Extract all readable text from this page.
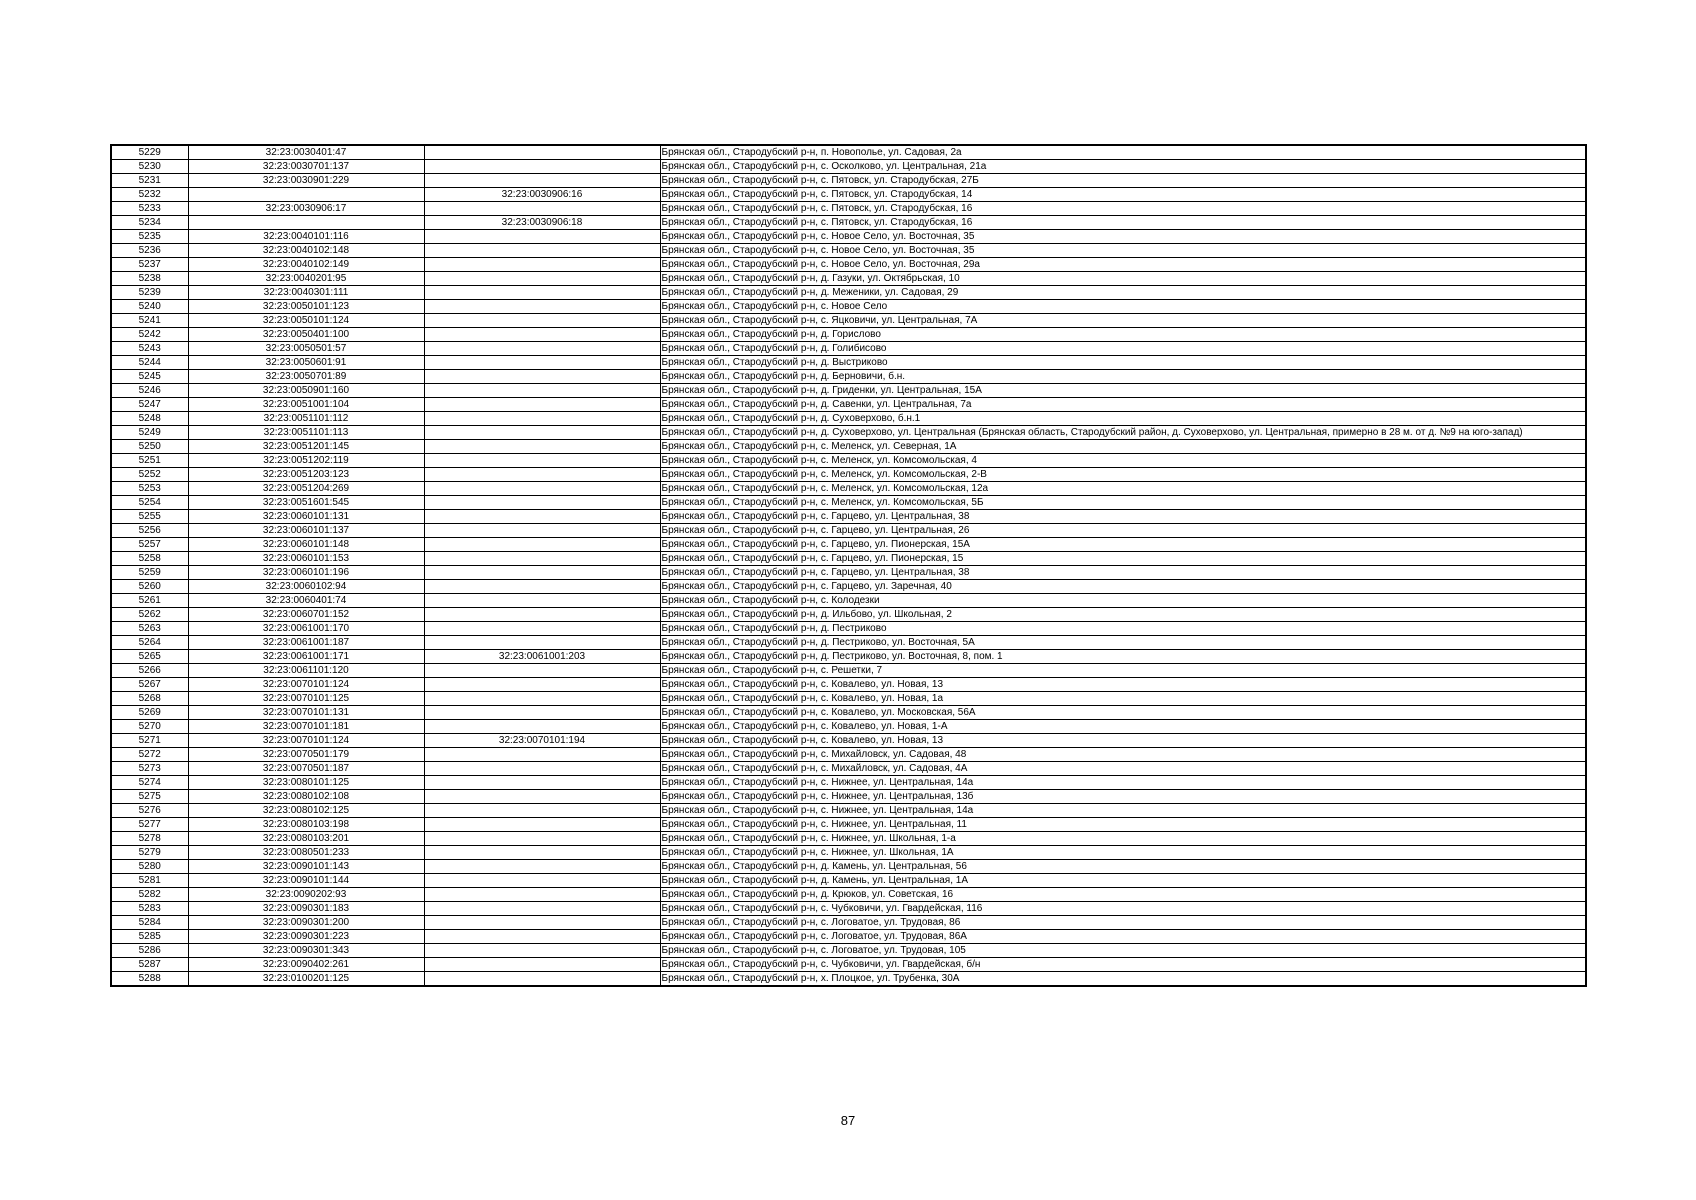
5229	32:23:0030401:47		Брянская обл., Стародубский р-н, п. Новополье, ул. Садовая, 2а
5230	32:23:0030701:137		Брянская обл., Стародубский р-н, с. Осколково, ул. Центральная, 21а
5231	32:23:0030901:229		Брянская обл., Стародубский р-н, с. Пятовск, ул. Стародубская, 27Б
5232		32:23:0030906:16	Брянская обл., Стародубский р-н, с. Пятовск, ул. Стародубская, 14
5233	32:23:0030906:17		Брянская обл., Стародубский р-н, с. Пятовск, ул. Стародубская, 16
5234		32:23:0030906:18	Брянская обл., Стародубский р-н, с. Пятовск, ул. Стародубская, 16
5235	32:23:0040101:116		Брянская обл., Стародубский р-н, с. Новое Село, ул. Восточная, 35
5236	32:23:0040102:148		Брянская обл., Стародубский р-н, с. Новое Село, ул. Восточная, 35
5237	32:23:0040102:149		Брянская обл., Стародубский р-н, с. Новое Село, ул. Восточная, 29а
5238	32:23:0040201:95		Брянская обл., Стародубский р-н, д. Газуки, ул. Октябрьская, 10
5239	32:23:0040301:111		Брянская обл., Стародубский р-н, д. Меженики, ул. Садовая, 29
5240	32:23:0050101:123		Брянская обл., Стародубский р-н, с. Новое Село
5241	32:23:0050101:124		Брянская обл., Стародубский р-н, с. Яцковичи, ул. Центральная, 7А
5242	32:23:0050401:100		Брянская обл., Стародубский р-н, д. Горислово
5243	32:23:0050501:57		Брянская обл., Стародубский р-н, д. Голибисово
5244	32:23:0050601:91		Брянская обл., Стародубский р-н, д. Выстриково
5245	32:23:0050701:89		Брянская обл., Стародубский р-н, д. Берновичи, б.н.
5246	32:23:0050901:160		Брянская обл., Стародубский р-н, д. Гриденки, ул. Центральная, 15А
5247	32:23:0051001:104		Брянская обл., Стародубский р-н, д. Савенки, ул. Центральная, 7а
5248	32:23:0051101:112		Брянская обл., Стародубский р-н, д. Суховерхово, б.н.1
5249	32:23:0051101:113		Брянская обл., Стародубский р-н, д. Суховерхово, ул. Центральная (Брянская область, Стародубский район, д. Суховерхово, ул. Центральная, примерно в 28 м. от д. №9 на юго-запад)
5250	32:23:0051201:145		Брянская обл., Стародубский р-н, с. Меленск, ул. Северная, 1А
5251	32:23:0051202:119		Брянская обл., Стародубский р-н, с. Меленск, ул. Комсомольская, 4
5252	32:23:0051203:123		Брянская обл., Стародубский р-н, с. Меленск, ул. Комсомольская, 2-В
5253	32:23:0051204:269		Брянская обл., Стародубский р-н, с. Меленск, ул. Комсомольская, 12а
5254	32:23:0051601:545		Брянская обл., Стародубский р-н, с. Меленск, ул. Комсомольская, 5Б
5255	32:23:0060101:131		Брянская обл., Стародубский р-н, с. Гарцево, ул. Центральная, 38
5256	32:23:0060101:137		Брянская обл., Стародубский р-н, с. Гарцево, ул. Центральная, 26
5257	32:23:0060101:148		Брянская обл., Стародубский р-н, с. Гарцево, ул. Пионерская, 15А
5258	32:23:0060101:153		Брянская обл., Стародубский р-н, с. Гарцево, ул. Пионерская, 15
5259	32:23:0060101:196		Брянская обл., Стародубский р-н, с. Гарцево, ул. Центральная, 38
5260	32:23:0060102:94		Брянская обл., Стародубский р-н, с. Гарцево, ул. Заречная, 40
5261	32:23:0060401:74		Брянская обл., Стародубский р-н, с. Колодезки
5262	32:23:0060701:152		Брянская обл., Стародубский р-н, д. Ильбово, ул. Школьная, 2
5263	32:23:0061001:170		Брянская обл., Стародубский р-н, д. Пестриково
5264	32:23:0061001:187		Брянская обл., Стародубский р-н, д. Пестриково, ул. Восточная, 5А
5265	32:23:0061001:171	32:23:0061001:203	Брянская обл., Стародубский р-н, д. Пестриково, ул. Восточная, 8, пом. 1
5266	32:23:0061101:120		Брянская обл., Стародубский р-н, с. Решетки, 7
5267	32:23:0070101:124		Брянская обл., Стародубский р-н, с. Ковалево, ул. Новая, 13
5268	32:23:0070101:125		Брянская обл., Стародубский р-н, с. Ковалево, ул. Новая, 1а
5269	32:23:0070101:131		Брянская обл., Стародубский р-н, с. Ковалево, ул. Московская, 56А
5270	32:23:0070101:181		Брянская обл., Стародубский р-н, с. Ковалево, ул. Новая, 1-А
5271	32:23:0070101:124	32:23:0070101:194	Брянская обл., Стародубский р-н, с. Ковалево, ул. Новая, 13
5272	32:23:0070501:179		Брянская обл., Стародубский р-н, с. Михайловск, ул. Садовая, 48
5273	32:23:0070501:187		Брянская обл., Стародубский р-н, с. Михайловск, ул. Садовая, 4А
5274	32:23:0080101:125		Брянская обл., Стародубский р-н, с. Нижнее, ул. Центральная, 14а
5275	32:23:0080102:108		Брянская обл., Стародубский р-н, с. Нижнее, ул. Центральная, 13б
5276	32:23:0080102:125		Брянская обл., Стародубский р-н, с. Нижнее, ул. Центральная, 14а
5277	32:23:0080103:198		Брянская обл., Стародубский р-н, с. Нижнее, ул. Центральная, 11
5278	32:23:0080103:201		Брянская обл., Стародубский р-н, с. Нижнее, ул. Школьная, 1-а
5279	32:23:0080501:233		Брянская обл., Стародубский р-н, с. Нижнее, ул. Школьная, 1А
5280	32:23:0090101:143		Брянская обл., Стародубский р-н, д. Камень, ул. Центральная, 56
5281	32:23:0090101:144		Брянская обл., Стародубский р-н, д. Камень, ул. Центральная, 1А
5282	32:23:0090202:93		Брянская обл., Стародубский р-н, д. Крюков, ул. Советская, 16
5283	32:23:0090301:183		Брянская обл., Стародубский р-н, с. Чубковичи, ул. Гвардейская, 116
5284	32:23:0090301:200		Брянская обл., Стародубский р-н, с. Логоватое, ул. Трудовая, 86
5285	32:23:0090301:223		Брянская обл., Стародубский р-н, с. Логоватое, ул. Трудовая, 86А
5286	32:23:0090301:343		Брянская обл., Стародубский р-н, с. Логоватое, ул. Трудовая, 105
5287	32:23:0090402:261		Брянская обл., Стародубский р-н, с. Чубковичи, ул. Гвардейская, б/н
5288	32:23:0100201:125		Брянская обл., Стародубский р-н, х. Плоцкое, ул. Трубенка, 30А
87
